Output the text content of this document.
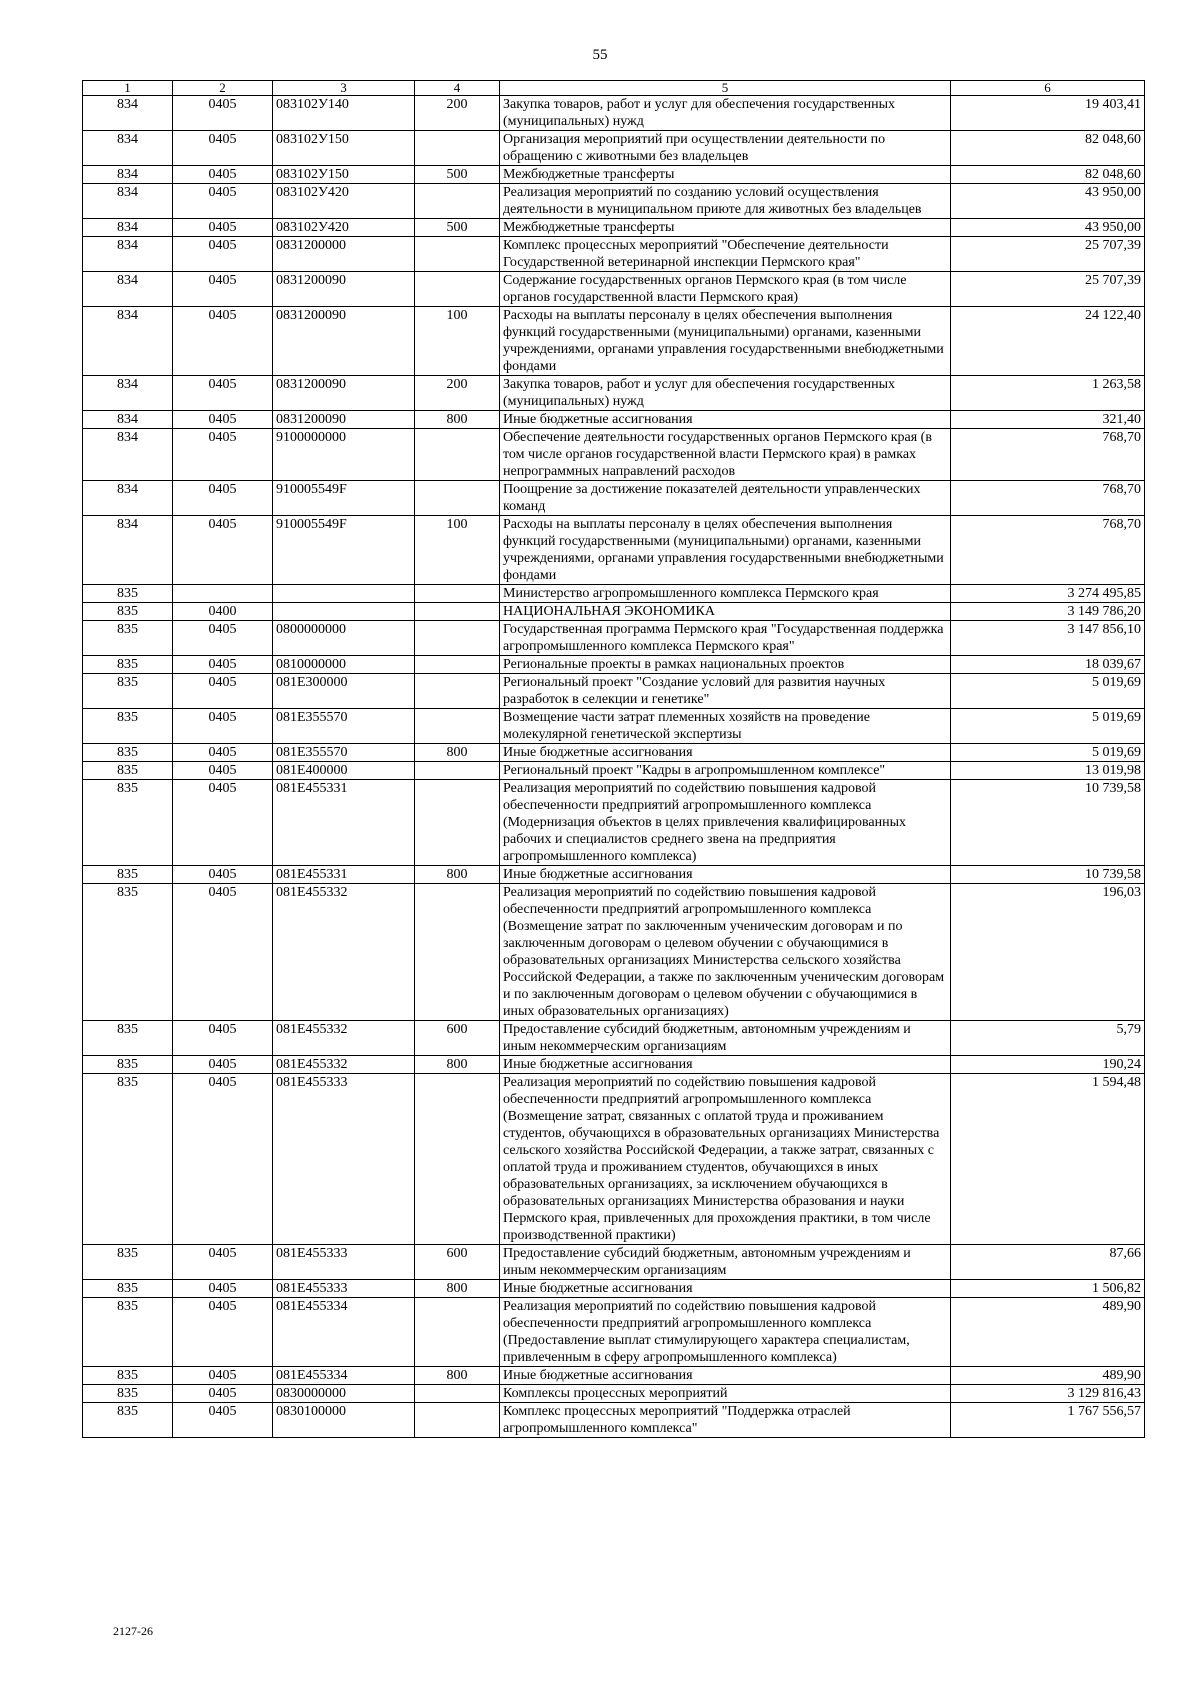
55
1	2	3	4	5	6
834	0405	083102У140	200	Закупка товаров, работ и услуг для обеспечения государственных (муниципальных) нужд	19 403,41
834	0405	083102У150		Организация мероприятий при осуществлении деятельности по обращению с животными без владельцев	82 048,60
834	0405	083102У150	500	Межбюджетные трансферты	82 048,60
834	0405	083102У420		Реализация мероприятий по созданию условий осуществления деятельности в муниципальном приюте для животных без владельцев	43 950,00
834	0405	083102У420	500	Межбюджетные трансферты	43 950,00
834	0405	0831200000		Комплекс процессных мероприятий "Обеспечение деятельности Государственной ветеринарной инспекции Пермского края"	25 707,39
834	0405	0831200090		Содержание государственных органов Пермского края (в том числе органов государственной власти Пермского края)	25 707,39
834	0405	0831200090	100	Расходы на выплаты персоналу в целях обеспечения выполнения функций государственными (муниципальными) органами, казенными учреждениями, органами управления государственными внебюджетными фондами	24 122,40
834	0405	0831200090	200	Закупка товаров, работ и услуг для обеспечения государственных (муниципальных) нужд	1 263,58
834	0405	0831200090	800	Иные бюджетные ассигнования	321,40
834	0405	9100000000		Обеспечение деятельности государственных органов Пермского края (в том числе органов государственной власти Пермского края) в рамках непрограммных направлений расходов	768,70
834	0405	910005549F		Поощрение за достижение показателей деятельности управленческих команд	768,70
834	0405	910005549F	100	Расходы на выплаты персоналу в целях обеспечения выполнения функций государственными (муниципальными) органами, казенными учреждениями, органами управления государственными внебюджетными фондами	768,70
835				Министерство агропромышленного комплекса Пермского края	3 274 495,85
835	0400			НАЦИОНАЛЬНАЯ ЭКОНОМИКА	3 149 786,20
835	0405	0800000000		Государственная программа Пермского края "Государственная поддержка агропромышленного комплекса Пермского края"	3 147 856,10
835	0405	0810000000		Региональные проекты в рамках национальных проектов	18 039,67
835	0405	081E300000		Региональный проект "Создание условий для развития научных разработок в селекции и генетике"	5 019,69
835	0405	081E355570		Возмещение части затрат племенных хозяйств на проведение молекулярной генетической экспертизы	5 019,69
835	0405	081E355570	800	Иные бюджетные ассигнования	5 019,69
835	0405	081E400000		Региональный проект "Кадры в агропромышленном комплексе"	13 019,98
835	0405	081E455331		Реализация мероприятий по содействию повышения кадровой обеспеченности предприятий агропромышленного комплекса (Модернизация объектов в целях привлечения квалифицированных рабочих и специалистов среднего звена на предприятия агропромышленного комплекса)	10 739,58
835	0405	081E455331	800	Иные бюджетные ассигнования	10 739,58
835	0405	081E455332		Реализация мероприятий по содействию повышения кадровой обеспеченности предприятий агропромышленного комплекса (Возмещение затрат по заключенным ученическим договорам и по заключенным договорам о целевом обучении с обучающимися в образовательных организациях Министерства сельского хозяйства Российской Федерации, а также по заключенным ученическим договорам и по заключенным договорам о целевом обучении с обучающимися в иных образовательных организациях)	196,03
835	0405	081E455332	600	Предоставление субсидий бюджетным, автономным учреждениям и иным некоммерческим организациям	5,79
835	0405	081E455332	800	Иные бюджетные ассигнования	190,24
835	0405	081E455333		Реализация мероприятий по содействию повышения кадровой обеспеченности предприятий агропромышленного комплекса (Возмещение затрат, связанных с оплатой труда и проживанием студентов, обучающихся в образовательных организациях Министерства сельского хозяйства Российской Федерации, а также затрат, связанных с оплатой труда и проживанием студентов, обучающихся в иных образовательных организациях, за исключением обучающихся в образовательных организациях Министерства образования и науки Пермского края, привлеченных для прохождения практики, в том числе производственной практики)	1 594,48
835	0405	081E455333	600	Предоставление субсидий бюджетным, автономным учреждениям и иным некоммерческим организациям	87,66
835	0405	081E455333	800	Иные бюджетные ассигнования	1 506,82
835	0405	081E455334		Реализация мероприятий по содействию повышения кадровой обеспеченности предприятий агропромышленного комплекса (Предоставление выплат стимулирующего характера специалистам, привлеченным в сферу агропромышленного комплекса)	489,90
835	0405	081E455334	800	Иные бюджетные ассигнования	489,90
835	0405	0830000000		Комплексы процессных мероприятий	3 129 816,43
835	0405	0830100000		Комплекс процессных мероприятий "Поддержка отраслей агропромышленного комплекса"	1 767 556,57
2127-26
